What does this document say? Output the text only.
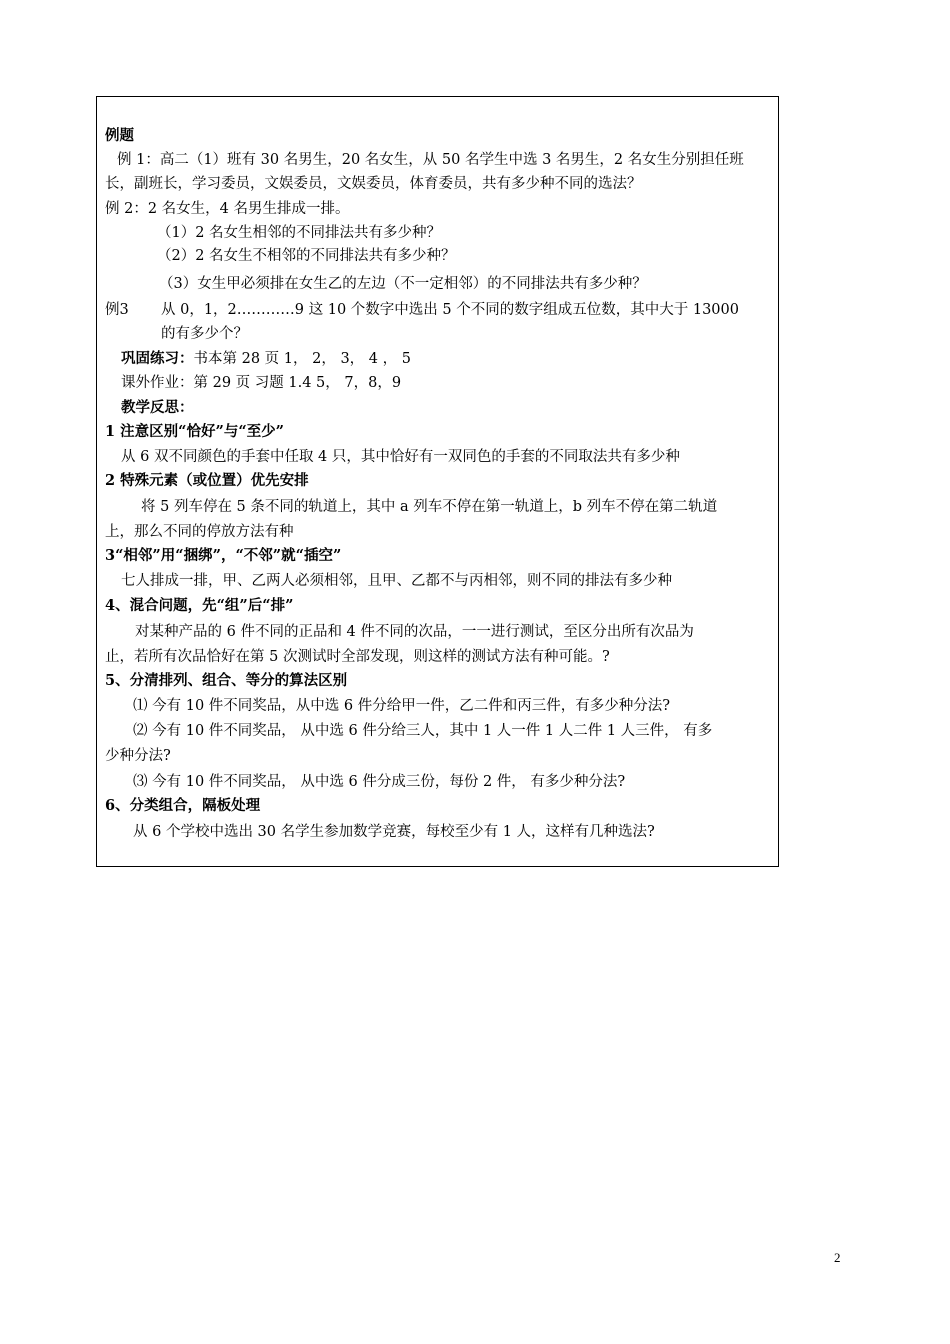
例题
例 1：高二（1）班有 30 名男生，20 名女生，从 50 名学生中选 3 名男生，2 名女生分别担任班
长，副班长，学习委员，文娱委员，文娱委员，体育委员，共有多少种不同的选法？
例 2：2 名女生，4 名男生排成一排。
（1）2 名女生相邻的不同排法共有多少种？
（2）2 名女生不相邻的不同排法共有多少种？
（3）女生甲必须排在女生乙的左边（不一定相邻）的不同排法共有多少种？
例3 从 0，1，2…………9 这 10 个数字中选出 5 个不同的数字组成五位数，其中大于 13000
的有多少个？
巩固练习：书本第 28 页 1， 2， 3， 4 ， 5
课外作业：第 29 页 习题 1.4 5， 7，8，9
教学反思：
1 注意区别“恰好”与“至少”
从 6 双不同颜色的手套中任取 4 只，其中恰好有一双同色的手套的不同取法共有多少种
2 特殊元素（或位置）优先安排
将 5 列车停在 5 条不同的轨道上，其中 a 列车不停在第一轨道上，b 列车不停在第二轨道
上，那么不同的停放方法有种
3“相邻”用“捆绑”，“不邻”就“插空”
七人排成一排，甲、乙两人必须相邻，且甲、乙都不与丙相邻，则不同的排法有多少种
4、混合问题，先“组”后“排”
对某种产品的 6 件不同的正品和 4 件不同的次品，一一进行测试，至区分出所有次品为
止，若所有次品恰好在第 5 次测试时全部发现，则这样的测试方法有种可能。?
5、分清排列、组合、等分的算法区别
⑴ 今有 10 件不同奖品，从中选 6 件分给甲一件，乙二件和丙三件，有多少种分法?
⑵ 今有 10 件不同奖品， 从中选 6 件分给三人，其中 1 人一件 1 人二件 1 人三件， 有多
少种分法?
⑶ 今有 10 件不同奖品， 从中选 6 件分成三份，每份 2 件， 有多少种分法?
6、分类组合，隔板处理
从 6 个学校中选出 30 名学生参加数学竞赛，每校至少有 1 人，这样有几种选法?
2
